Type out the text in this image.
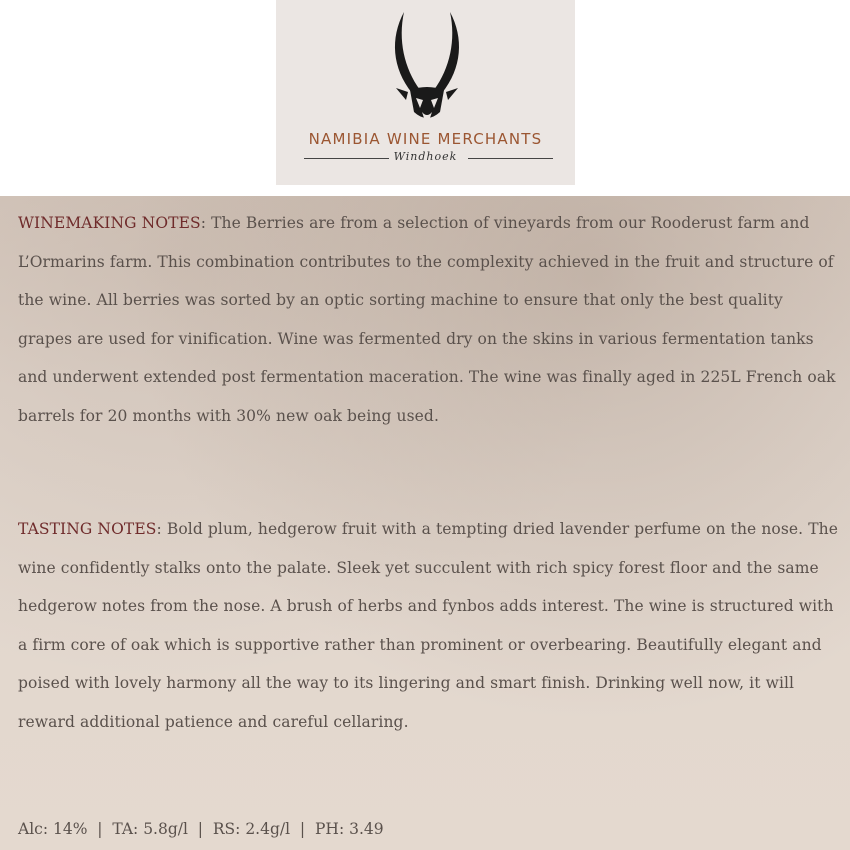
NAMIBIA WINE MERCHANTS
Windhoek
WINEMAKING NOTES: The Berries are from a selection of vineyards from our Rooderust farm and L’Ormarins farm. This combination contributes to the complexity achieved in the fruit and structure of the wine. All berries was sorted by an optic sorting machine to ensure that only the best quality grapes are used for vinification. Wine was fermented dry on the skins in various fermentation tanks and underwent extended post fermentation maceration. The wine was finally aged in 225L French oak barrels for 20 months with 30% new oak being used.
TASTING NOTES: Bold plum, hedgerow fruit with a tempting dried lavender perfume on the nose. The wine confidently stalks onto the palate. Sleek yet succulent with rich spicy forest floor and the same hedgerow notes from the nose. A brush of herbs and fynbos adds interest. The wine is structured with a firm core of oak which is supportive rather than prominent or overbearing. Beautifully elegant and poised with lovely harmony all the way to its lingering and smart finish. Drinking well now, it will reward additional patience and careful cellaring.
Alc: 14%  |  TA: 5.8g/l  |  RS: 2.4g/l  |  PH: 3.49
